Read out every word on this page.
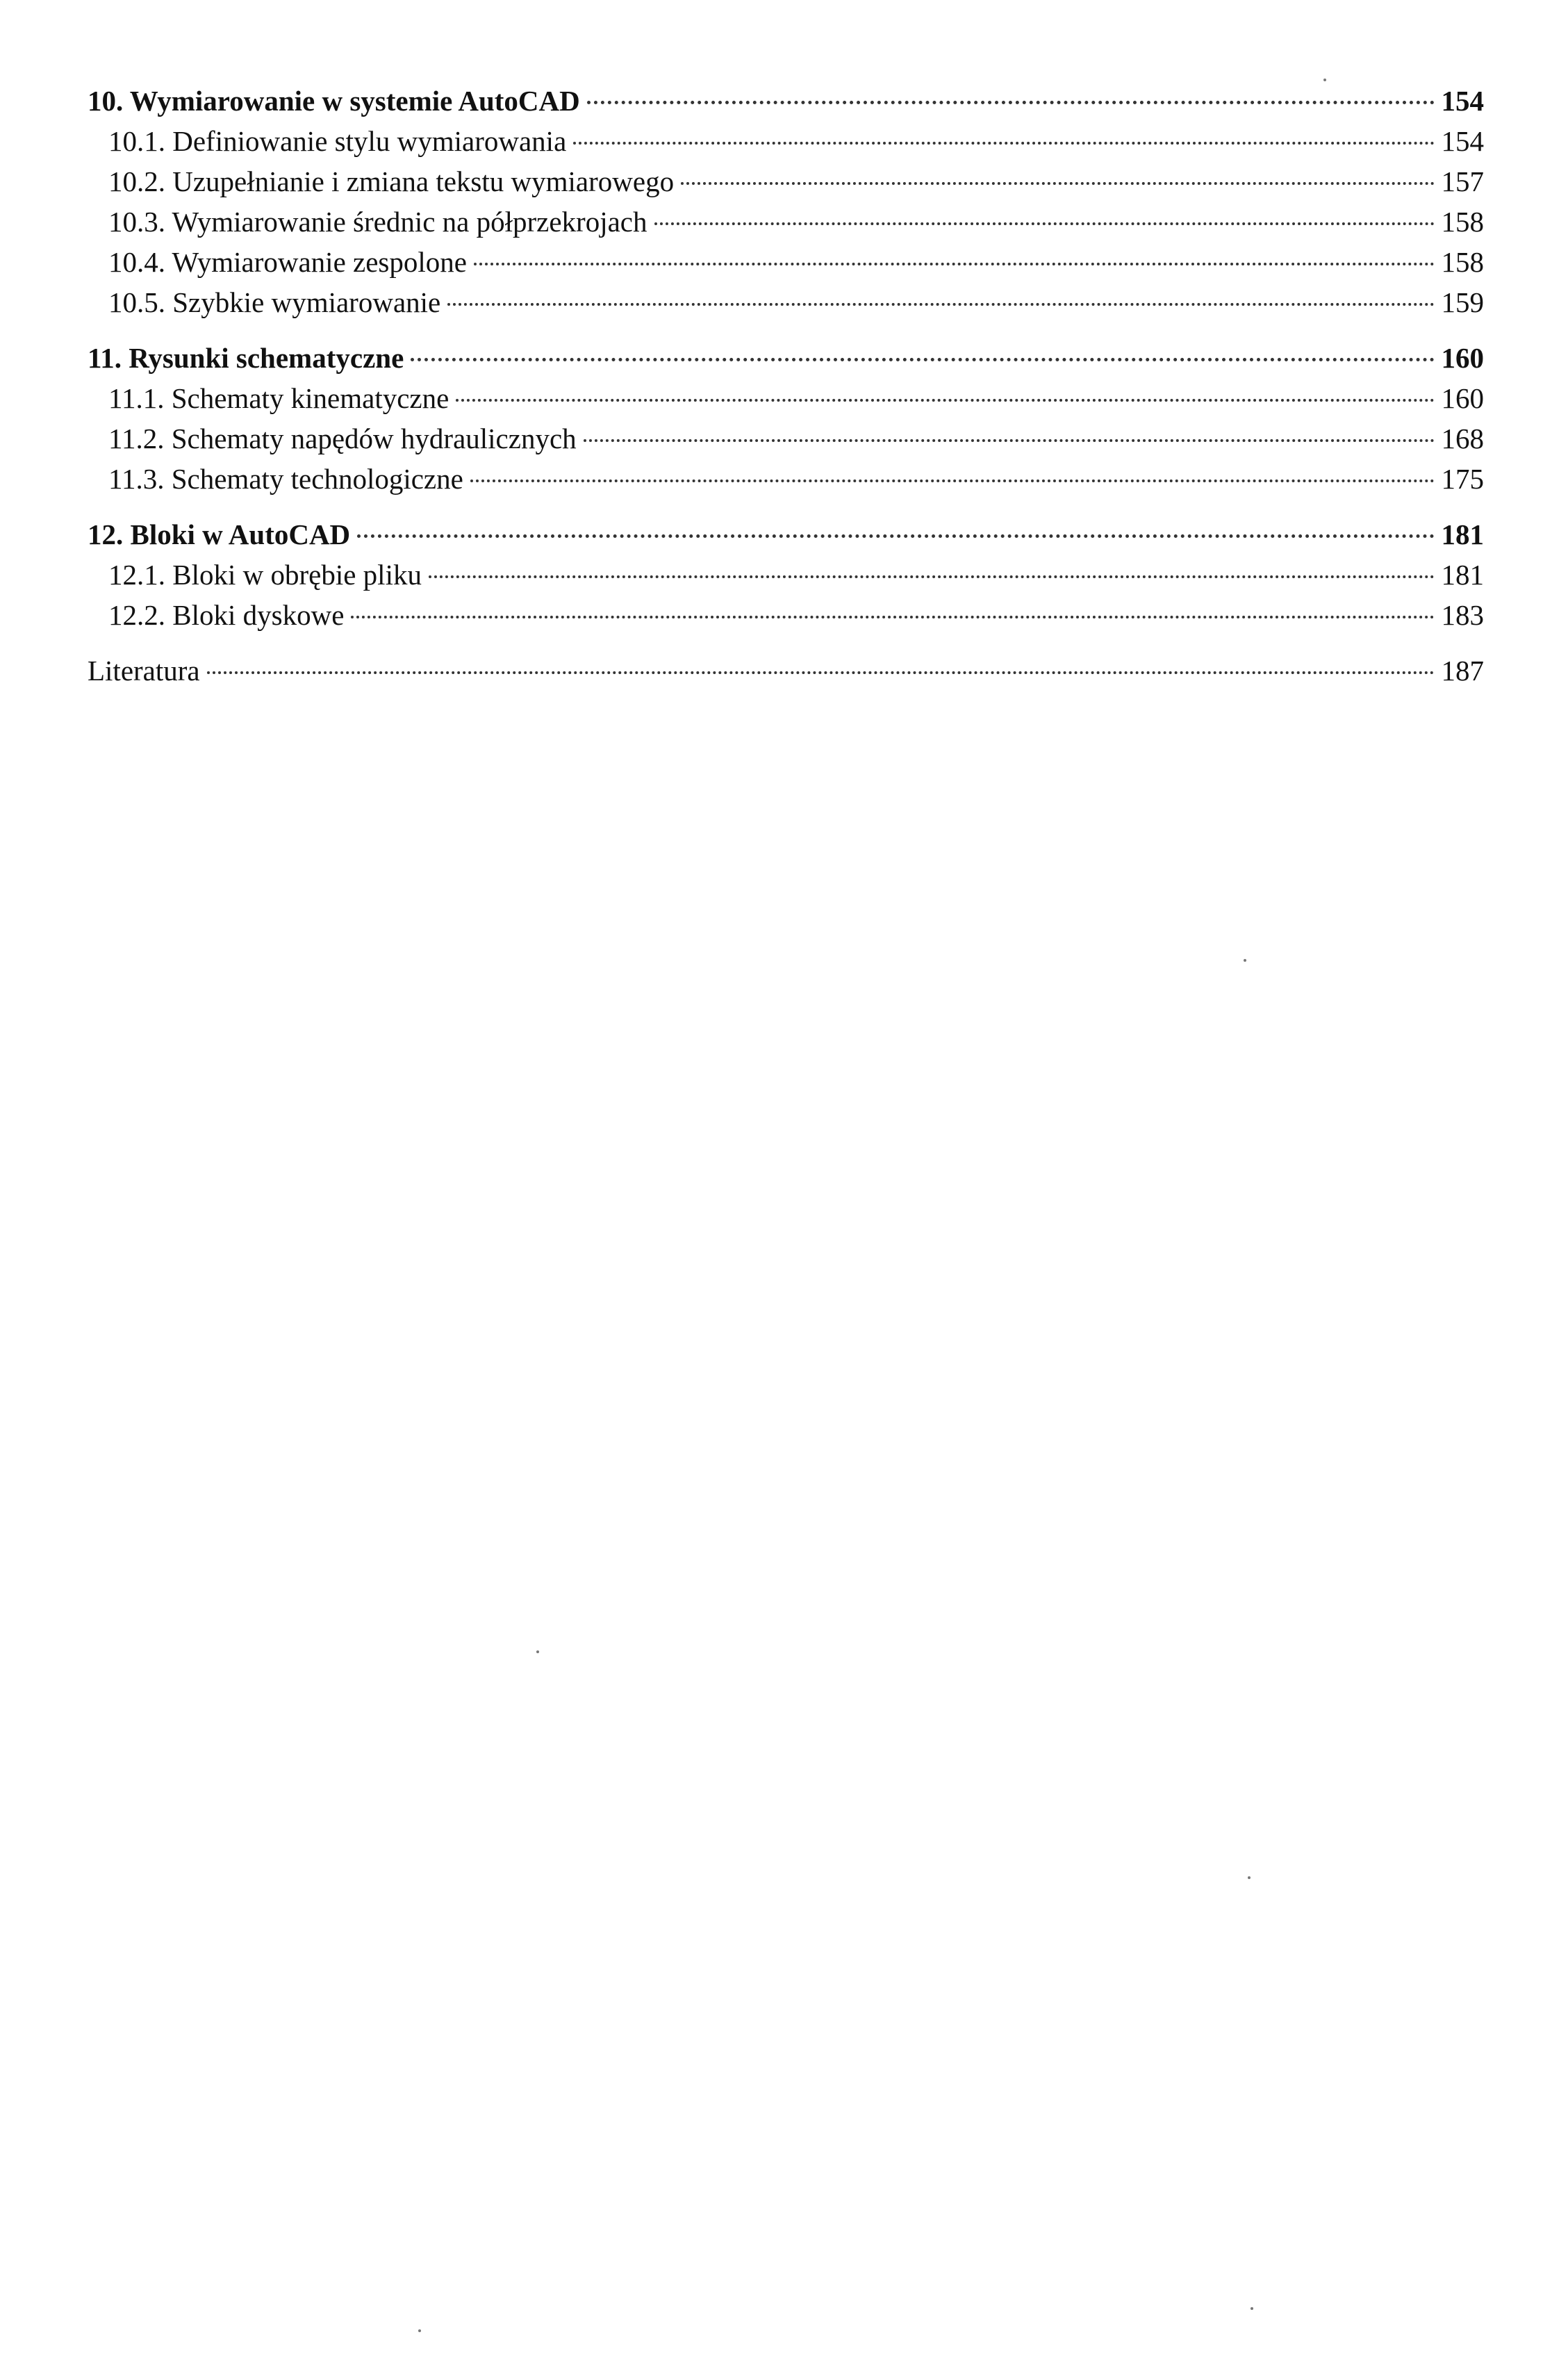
10. Wymiarowanie w systemie AutoCAD	154
10.1. Definiowanie stylu wymiarowania	154
10.2. Uzupełnianie i zmiana tekstu wymiarowego	157
10.3. Wymiarowanie średnic na półprzekrojach	158
10.4. Wymiarowanie zespolone	158
10.5. Szybkie wymiarowanie	159
11. Rysunki schematyczne	160
11.1. Schematy kinematyczne	160
11.2. Schematy napędów hydraulicznych	168
11.3. Schematy technologiczne	175
12. Bloki w AutoCAD	181
12.1. Bloki w obrębie pliku	181
12.2. Bloki dyskowe	183
Literatura	187
